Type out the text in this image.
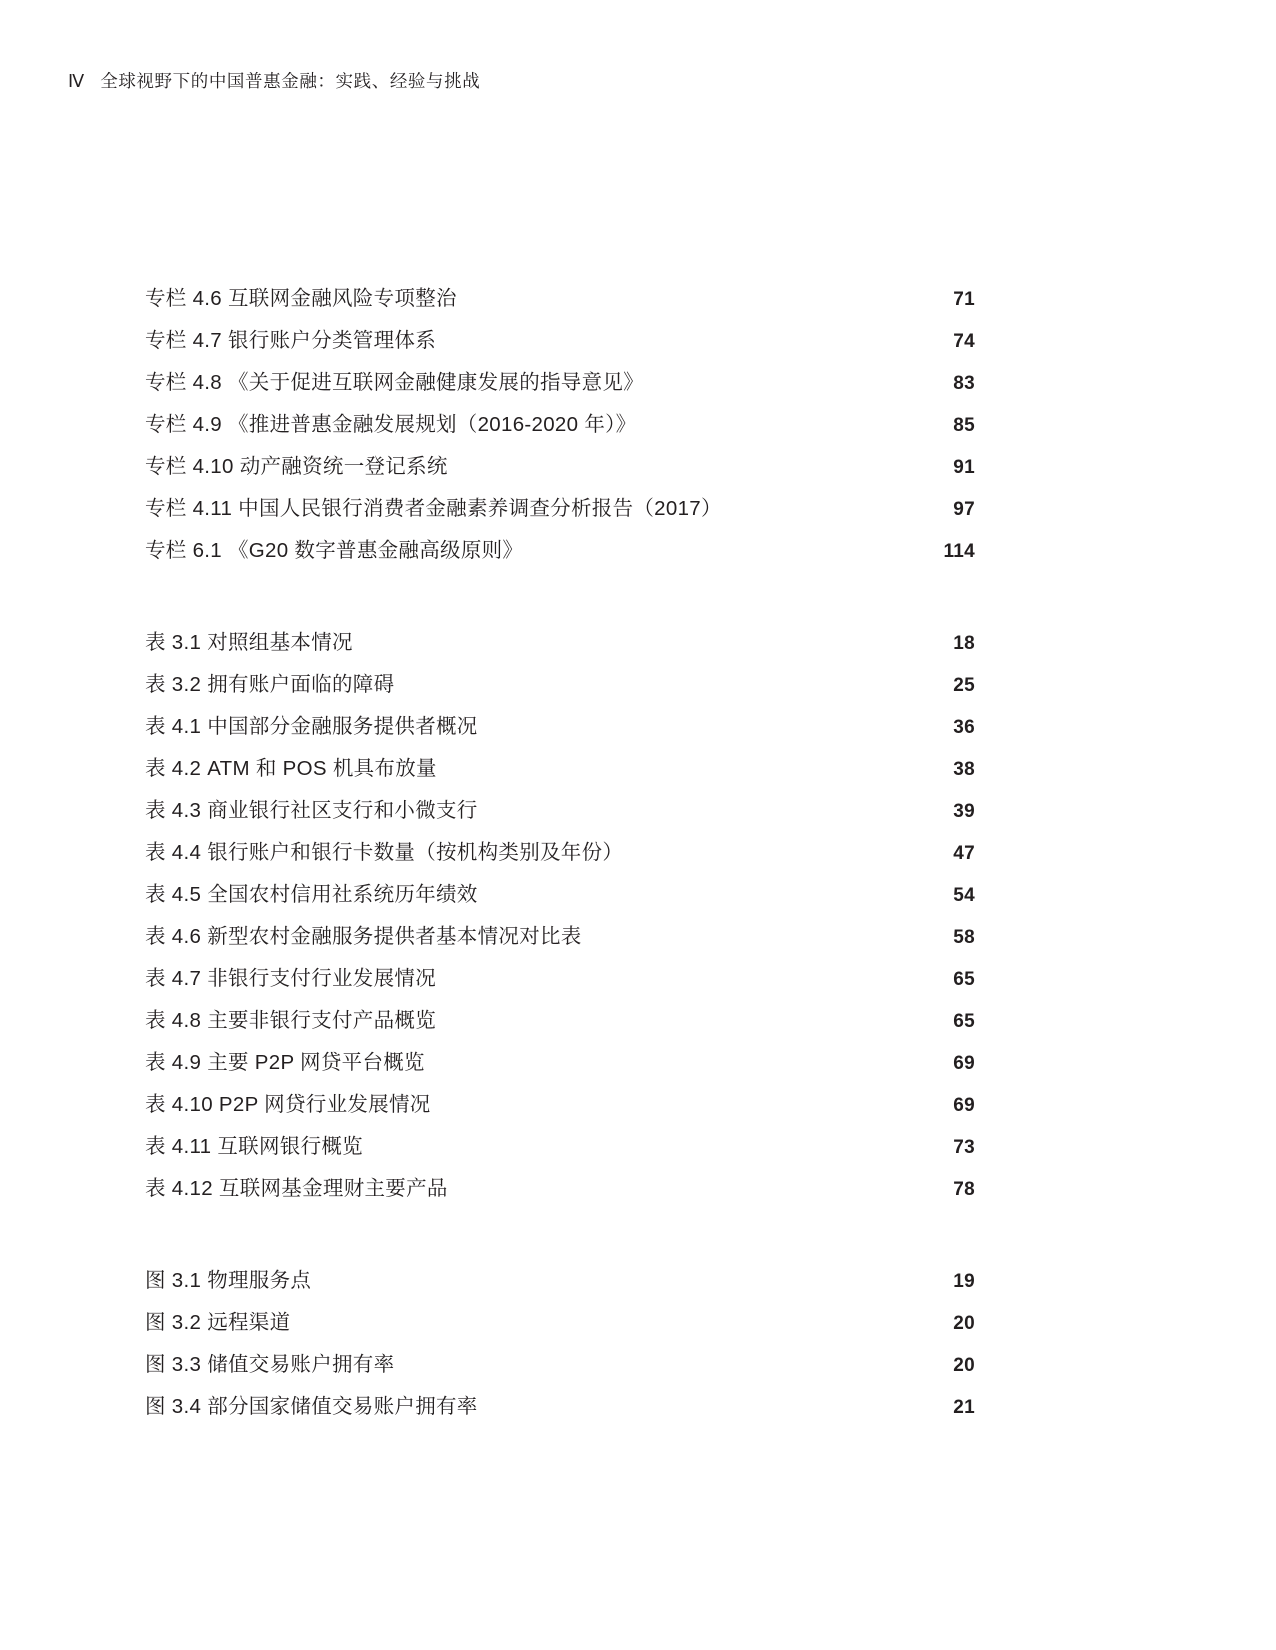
Ⅳ 全球视野下的中国普惠金融：实践、经验与挑战
专栏 4.6 互联网金融风险专项整治	71
专栏 4.7 银行账户分类管理体系	74
专栏 4.8 《关于促进互联网金融健康发展的指导意见》	83
专栏 4.9 《推进普惠金融发展规划（2016-2020 年）》	85
专栏 4.10 动产融资统一登记系统	91
专栏 4.11 中国人民银行消费者金融素养调查分析报告（2017）	97
专栏 6.1 《G20 数字普惠金融高级原则》	114
表 3.1 对照组基本情况	18
表 3.2 拥有账户面临的障碍	25
表 4.1 中国部分金融服务提供者概况	36
表 4.2 ATM 和 POS 机具布放量	38
表 4.3 商业银行社区支行和小微支行	39
表 4.4 银行账户和银行卡数量（按机构类别及年份）	47
表 4.5 全国农村信用社系统历年绩效	54
表 4.6 新型农村金融服务提供者基本情况对比表	58
表 4.7 非银行支付行业发展情况	65
表 4.8 主要非银行支付产品概览	65
表 4.9 主要 P2P 网贷平台概览	69
表 4.10 P2P 网贷行业发展情况	69
表 4.11 互联网银行概览	73
表 4.12 互联网基金理财主要产品	78
图 3.1 物理服务点	19
图 3.2 远程渠道	20
图 3.3 储值交易账户拥有率	20
图 3.4 部分国家储值交易账户拥有率	21
